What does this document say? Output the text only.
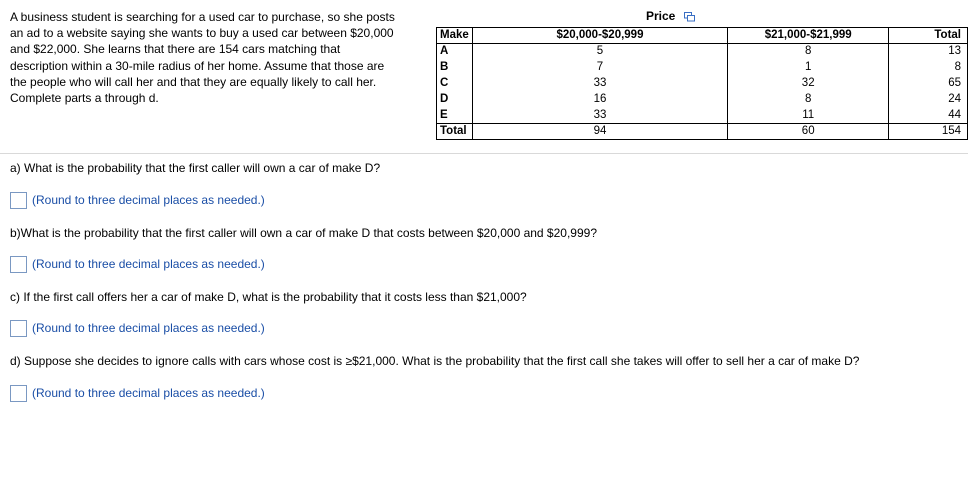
A business student is searching for a used car to purchase, so she posts
an ad to a website saying she wants to buy a used car between $20,000
and $22,000. She learns that there are 154 cars matching that
description within a 30-mile radius of her home. Assume that those are
the people who will call her and that they are equally likely to call her.
Complete parts a through d.
Price
Make	$20,000-$20,999	$21,000-$21,999	Total
A	5	8	13
B	7	1	8
C	33	32	65
D	16	8	24
E	33	11	44
Total	94	60	154
a) What is the probability that the first caller will own a car of make D?
(Round to three decimal places as needed.)
b)What is the probability that the first caller will own a car of make D that costs between $20,000 and $20,999?
(Round to three decimal places as needed.)
c) If the first call offers her a car of make D, what is the probability that it costs less than $21,000?
(Round to three decimal places as needed.)
d) Suppose she decides to ignore calls with cars whose cost is ≥$21,000. What is the probability that the first call she takes will offer to sell her a car of make D?
(Round to three decimal places as needed.)
